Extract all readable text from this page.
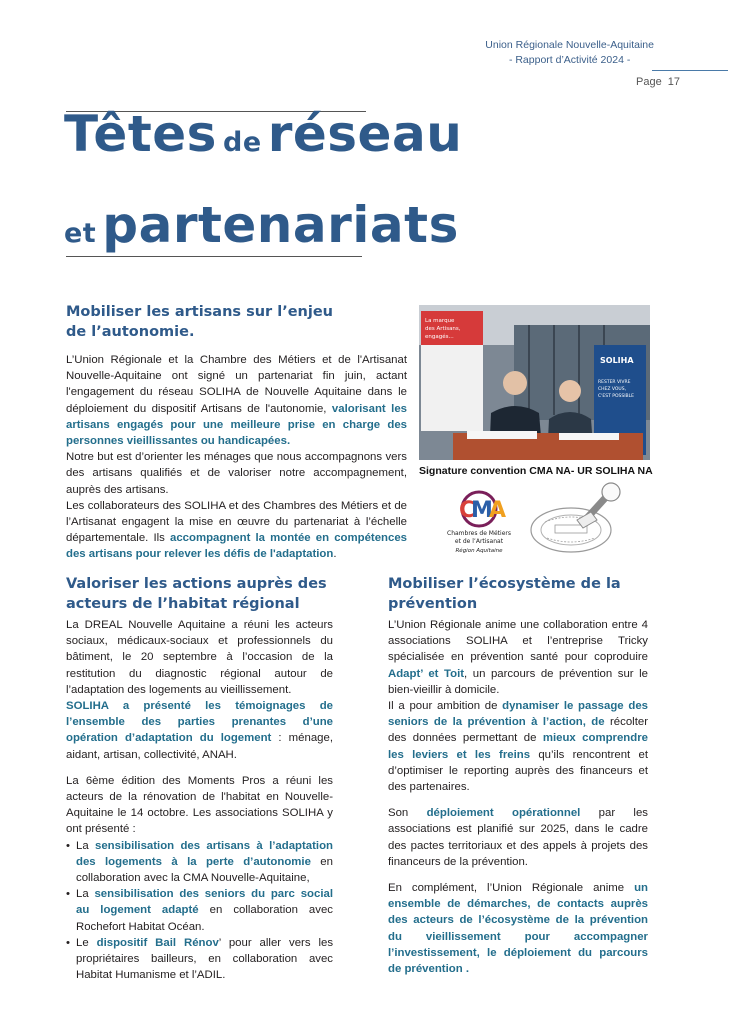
Union Régionale Nouvelle-Aquitaine
- Rapport d’Activité 2024 -
Page 17
Têtes de réseau
et partenariats
Mobiliser les artisans sur l’enjeu
de l’autonomie.

L’Union Régionale et la Chambre des Métiers et de l'Artisanat Nouvelle-Aquitaine ont signé un partenariat fin juin, actant l'engagement du réseau SOLIHA de Nouvelle Aquitaine dans le déploiement du dispositif Artisans de l'autonomie, valorisant les artisans engagés pour une meilleure prise en charge des personnes vieillissantes ou handicapées.

Notre but est d’orienter les ménages que nous accompagnons vers des artisans qualifiés et de valoriser notre accompagnement, auprès des artisans.

Les collaborateurs des SOLIHA et des Chambres des Métiers et de l’Artisanat engagent la mise en œuvre du partenariat à l’échelle départementale. Ils accompagnent la montée en compétences des artisans pour relever les défis de l'adaptation.

La marque
des Artisans,
engagés...
SOLIHA
RESTER VIVRE
CHEZ VOUS,
C'EST POSSIBLE
Signature convention CMA NA- UR SOLIHA NA
C
M
A
Chambres de Métiers
et de l’Artisanat
Région Aquitaine
Valoriser les actions auprès des
acteurs de l’habitat régional

La DREAL Nouvelle Aquitaine a réuni les acteurs sociaux, médicaux-sociaux et professionnels du bâtiment, le 20 septembre à l’occasion de la restitution du diagnostic régional autour de l’adaptation des logements au vieillissement.

SOLIHA a présenté les témoignages de l’ensemble des parties prenantes d’une opération d’adaptation du logement : ménage, aidant, artisan, collectivité, ANAH.

La 6ème édition des Moments Pros a réuni les acteurs de la rénovation de l'habitat en Nouvelle-Aquitaine le 14 octobre. Les associations SOLIHA y ont présenté :

• La sensibilisation des artisans à l’adaptation des logements à la perte d’autonomie en collaboration avec la CMA Nouvelle-Aquitaine,
• La sensibilisation des seniors du parc social au logement adapté en collaboration avec Rochefort Habitat Océan.
• Le dispositif Bail Rénov’ pour aller vers les propriétaires bailleurs, en collaboration avec Habitat Humanisme et l’ADIL.
Mobiliser l’écosystème de la
prévention

L’Union Régionale anime une collaboration entre 4 associations SOLIHA et l’entreprise Tricky spécialisée en prévention santé pour coproduire Adapt’ et Toit, un parcours de prévention sur le bien-vieillir à domicile.

Il a pour ambition de dynamiser le passage des seniors de la prévention à l’action, de récolter des données permettant de mieux comprendre les leviers et les freins qu’ils rencontrent et d’optimiser le reporting auprès des financeurs et des partenaires.

Son déploiement opérationnel par les associations est planifié sur 2025, dans le cadre des pactes territoriaux et des appels à projets des financeurs de la prévention.

En complément, l’Union Régionale anime un ensemble de démarches, de contacts auprès des acteurs de l’écosystème de la prévention du vieillissement pour accompagner l’investissement, le déploiement du parcours de prévention .
